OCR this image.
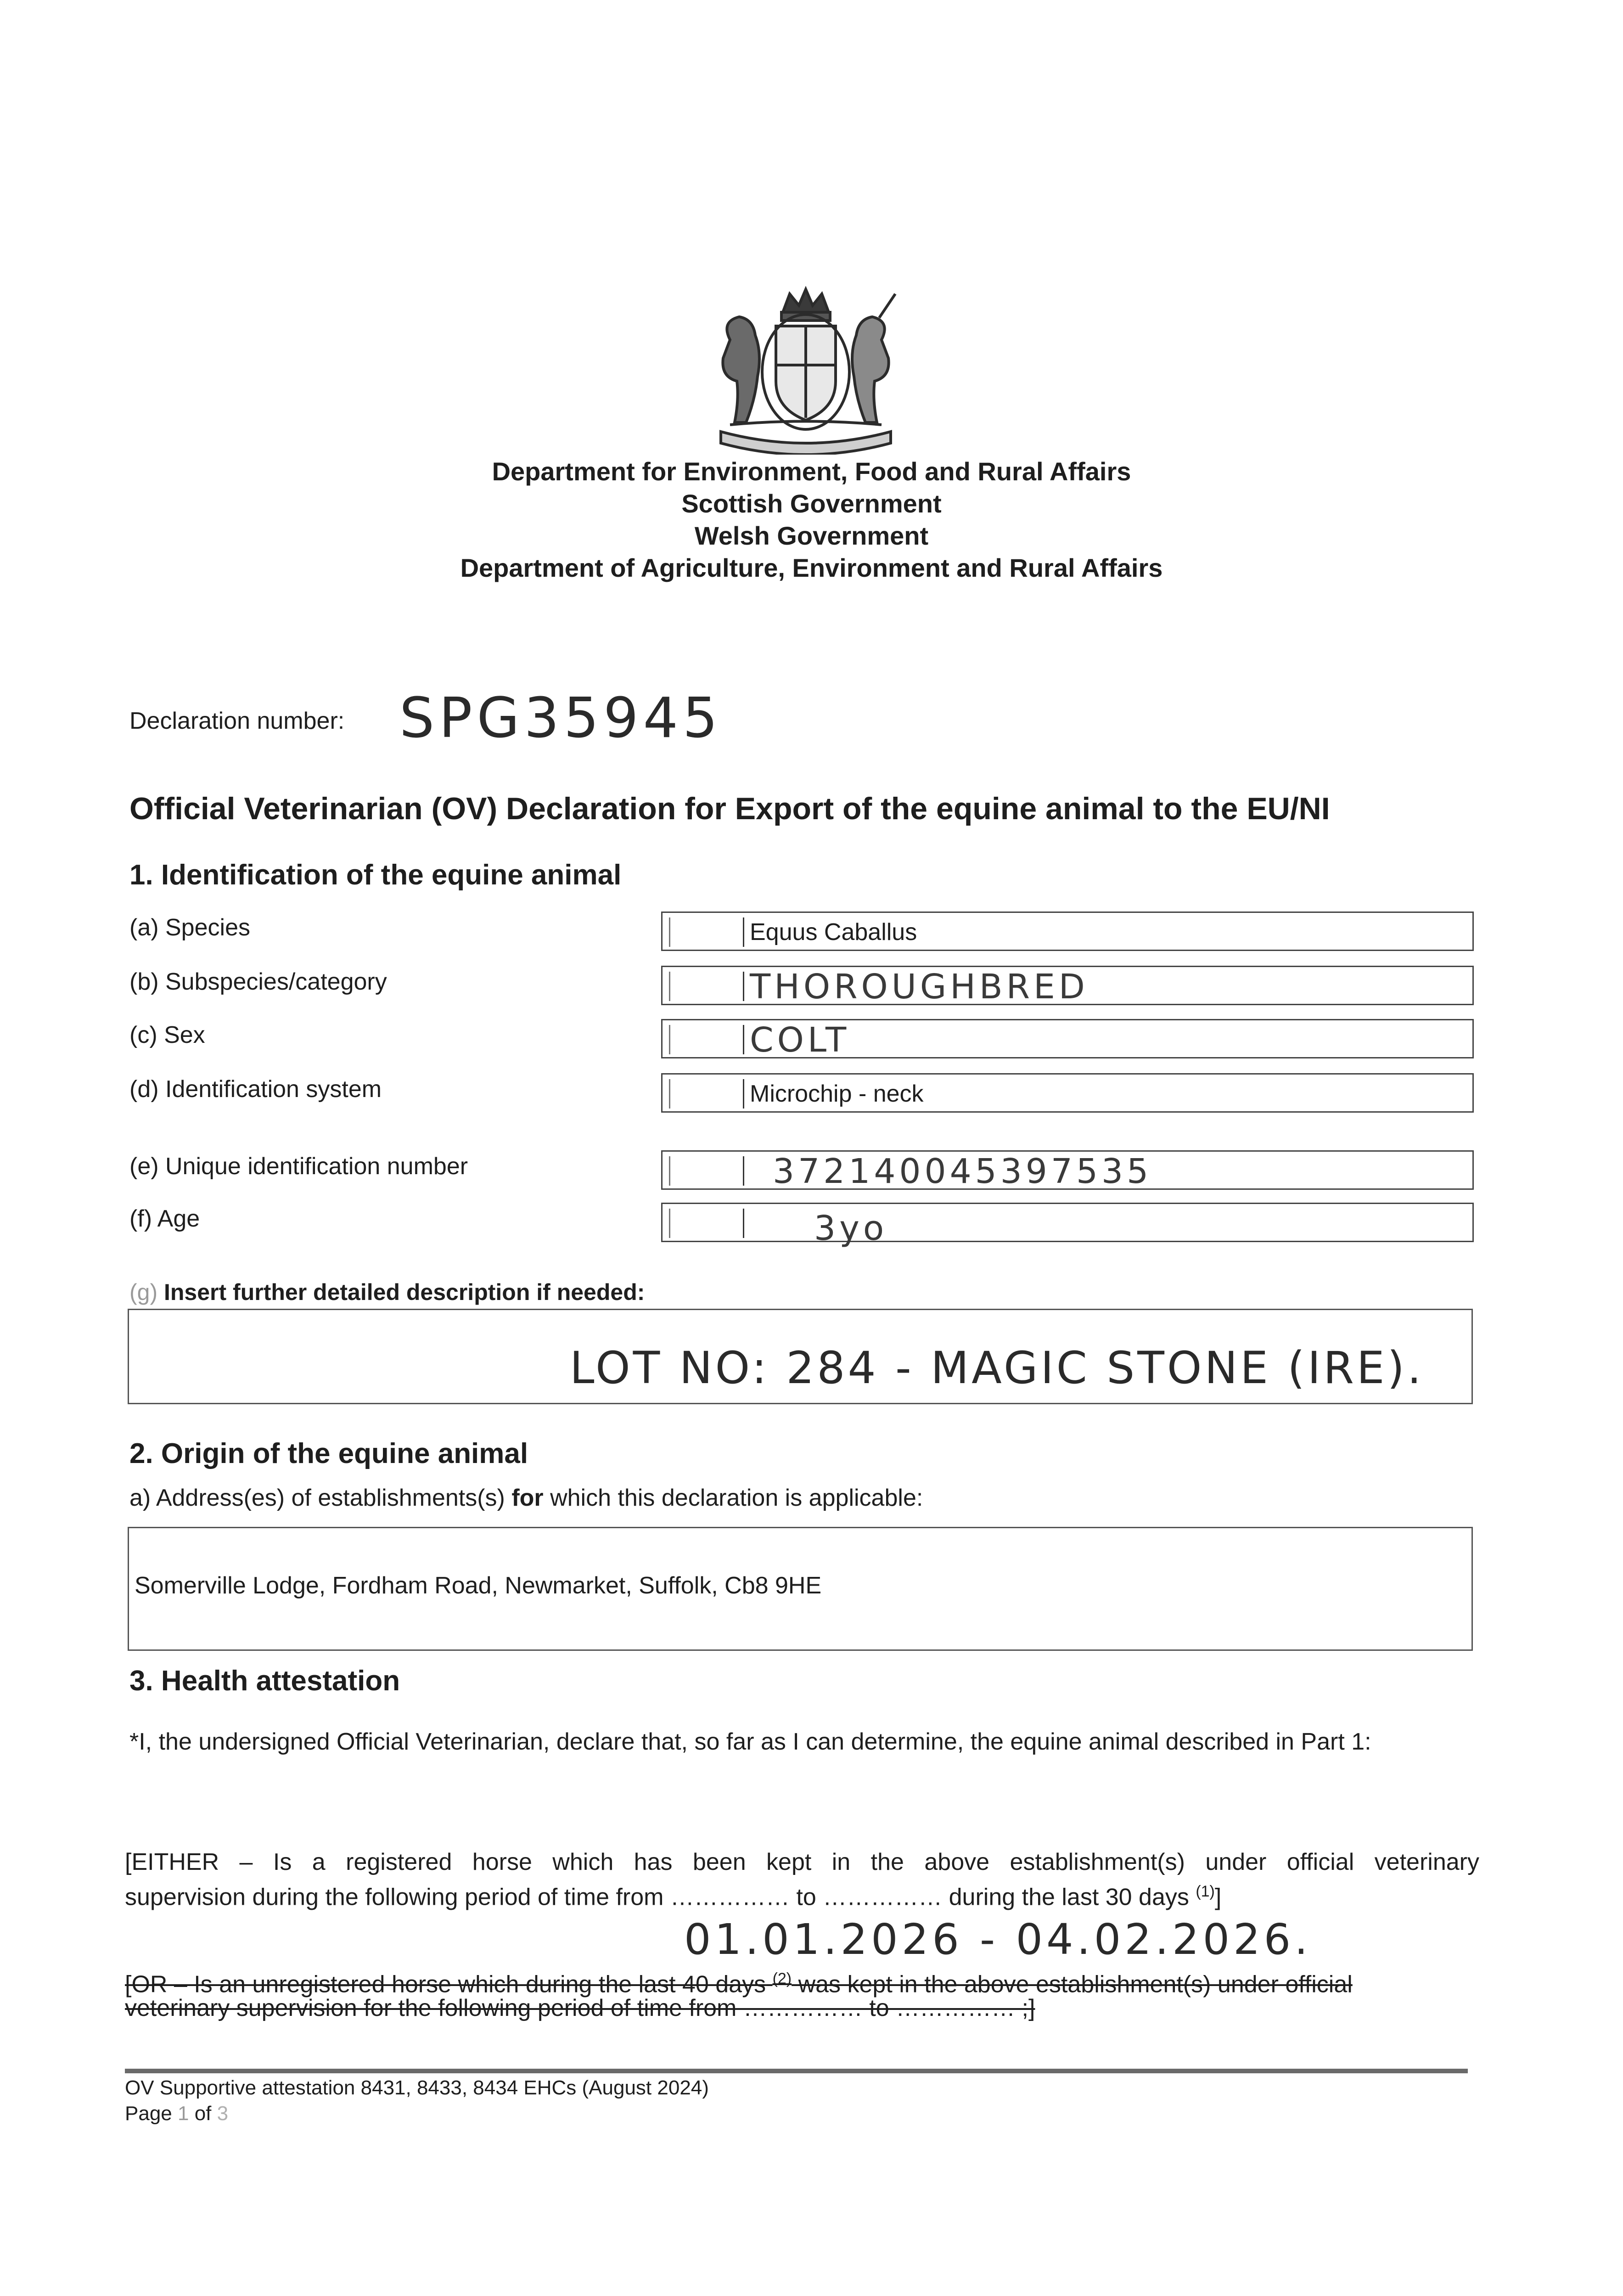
Department for Environment, Food and Rural Affairs
Scottish Government
Welsh Government
Department of Agriculture, Environment and Rural Affairs
Declaration number: SPG35945
Official Veterinarian (OV) Declaration for Export of the equine animal to the EU/NI
1. Identification of the equine animal
(a) Species	Equus Caballus
(b) Subspecies/category	THOROUGHBRED
(c) Sex	COLT
(d) Identification system	Microchip - neck
(e) Unique identification number	372140045397535
(f) Age	3yo
(g) Insert further detailed description if needed:
LOT NO: 284 - MAGIC STONE (IRE).
2. Origin of the equine animal
a) Address(es) of establishments(s) for which this declaration is applicable:
Somerville Lodge, Fordham Road, Newmarket, Suffolk, Cb8 9HE
3. Health attestation
*I, the undersigned Official Veterinarian, declare that, so far as I can determine, the equine animal described in Part 1:
[EITHER – Is a registered horse which has been kept in the above establishment(s) under official veterinary
supervision during the following period of time from …………… to …………… during the last 30 days $^{(1)}$]
01.01.2026 - 04.02.2026.
[OR – Is an unregistered horse which during the last 40 days $^{(2)}$ was kept in the above establishment(s) under official
veterinary supervision for the following period of time from …………… to …………… ;]
OV Supportive attestation 8431, 8433, 8434 EHCs (August 2024)
Page 1 of 3
